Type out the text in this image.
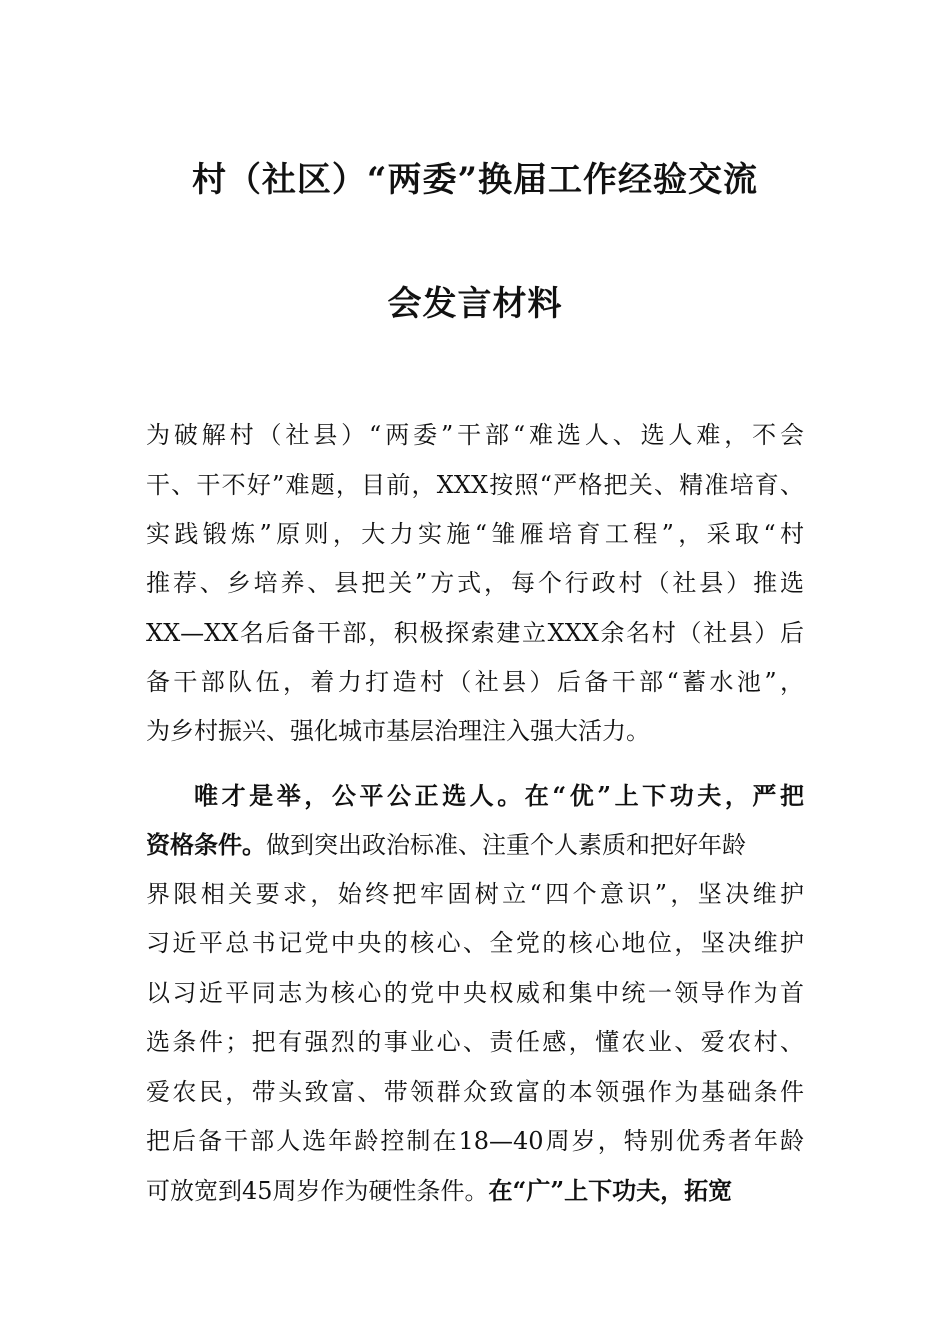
村（社区）“两委”换届工作经验交流
会发言材料
为破解村（社县）“两委”干部“难选人、选人难，不会
干、干不好”难题，目前，XXX按照“严格把关、精准培育、
实践锻炼”原则，大力实施“雏雁培育工程”，采取“村
推荐、乡培养、县把关”方式，每个行政村（社县）推选
XX—XX名后备干部，积极探索建立XXX余名村（社县）后
备干部队伍，着力打造村（社县）后备干部“蓄水池”，
为乡村振兴、强化城市基层治理注入强大活力。
唯才是举，公平公正选人。在“优”上下功夫，严把
资格条件。做到突出政治标准、注重个人素质和把好年龄
界限相关要求，始终把牢固树立“四个意识”，坚决维护
习近平总书记党中央的核心、全党的核心地位，坚决维护
以习近平同志为核心的党中央权威和集中统一领导作为首
选条件；把有强烈的事业心、责任感，懂农业、爱农村、
爱农民，带头致富、带领群众致富的本领强作为基础条件
把后备干部人选年龄控制在18—40周岁，特别优秀者年龄
可放宽到45周岁作为硬性条件。在“广”上下功夫，拓宽
